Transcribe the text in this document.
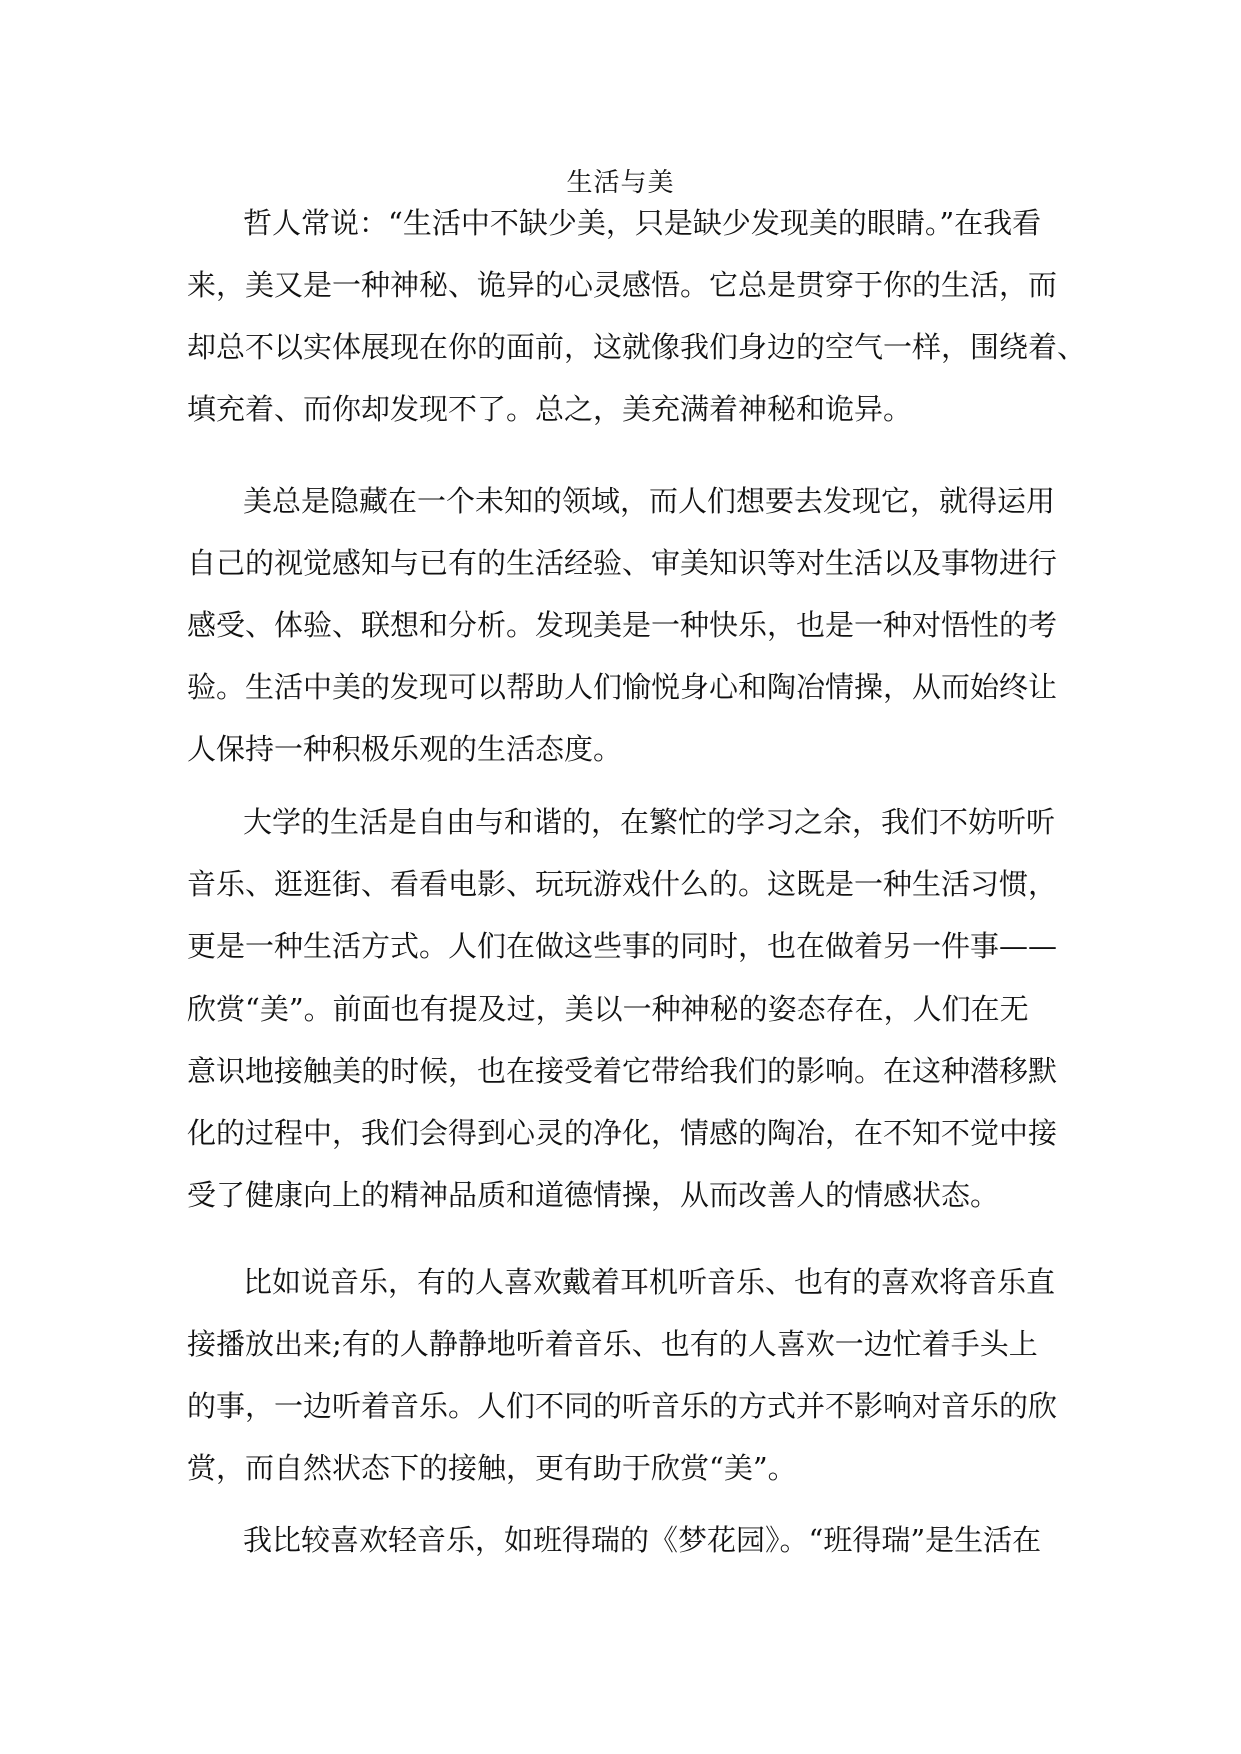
生活与美
哲人常说：“生活中不缺少美，只是缺少发现美的眼睛。”在我看
来，美又是一种神秘、诡异的心灵感悟。它总是贯穿于你的生活，而
却总不以实体展现在你的面前，这就像我们身边的空气一样，围绕着、
填充着、而你却发现不了。总之，美充满着神秘和诡异。
美总是隐藏在一个未知的领域，而人们想要去发现它，就得运用
自己的视觉感知与已有的生活经验、审美知识等对生活以及事物进行
感受、体验、联想和分析。发现美是一种快乐，也是一种对悟性的考
验。生活中美的发现可以帮助人们愉悦身心和陶冶情操，从而始终让
人保持一种积极乐观的生活态度。
大学的生活是自由与和谐的，在繁忙的学习之余，我们不妨听听
音乐、逛逛街、看看电影、玩玩游戏什么的。这既是一种生活习惯，
更是一种生活方式。人们在做这些事的同时，也在做着另一件事——
欣赏“美”。前面也有提及过，美以一种神秘的姿态存在，人们在无
意识地接触美的时候，也在接受着它带给我们的影响。在这种潜移默
化的过程中，我们会得到心灵的净化，情感的陶冶，在不知不觉中接
受了健康向上的精神品质和道德情操，从而改善人的情感状态。
比如说音乐，有的人喜欢戴着耳机听音乐、也有的喜欢将音乐直
接播放出来;有的人静静地听着音乐、也有的人喜欢一边忙着手头上
的事，一边听着音乐。人们不同的听音乐的方式并不影响对音乐的欣
赏，而自然状态下的接触，更有助于欣赏“美”。
我比较喜欢轻音乐，如班得瑞的《梦花园》。“班得瑞”是生活在
